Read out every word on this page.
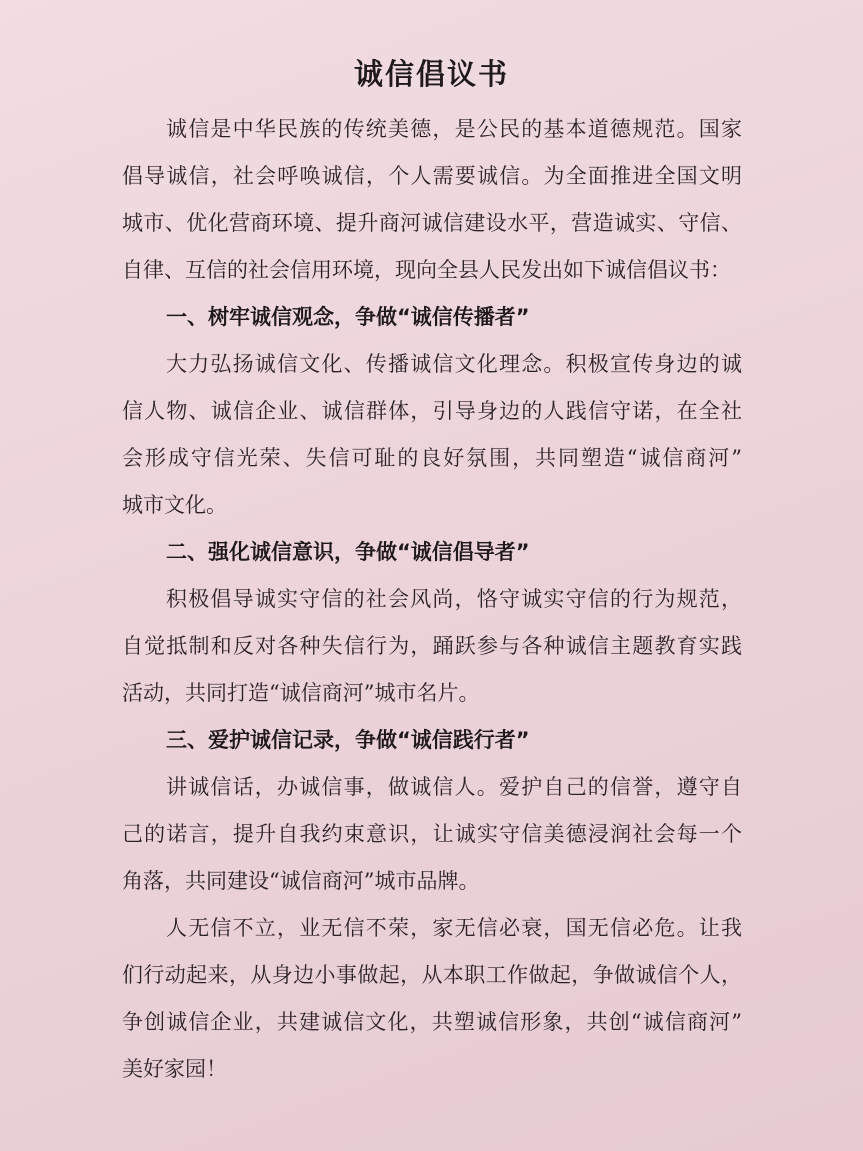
诚信倡议书
诚信是中华民族的传统美德，是公民的基本道德规范。国家
倡导诚信，社会呼唤诚信，个人需要诚信。为全面推进全国文明
城市、优化营商环境、提升商河诚信建设水平，营造诚实、守信、
自律、互信的社会信用环境，现向全县人民发出如下诚信倡议书：
一、树牢诚信观念，争做“诚信传播者”
大力弘扬诚信文化、传播诚信文化理念。积极宣传身边的诚
信人物、诚信企业、诚信群体，引导身边的人践信守诺，在全社
会形成守信光荣、失信可耻的良好氛围，共同塑造“诚信商河”
城市文化。
二、强化诚信意识，争做“诚信倡导者”
积极倡导诚实守信的社会风尚，恪守诚实守信的行为规范，
自觉抵制和反对各种失信行为，踊跃参与各种诚信主题教育实践
活动，共同打造“诚信商河”城市名片。
三、爱护诚信记录，争做“诚信践行者”
讲诚信话，办诚信事，做诚信人。爱护自己的信誉，遵守自
己的诺言，提升自我约束意识，让诚实守信美德浸润社会每一个
角落，共同建设“诚信商河”城市品牌。
人无信不立，业无信不荣，家无信必衰，国无信必危。让我
们行动起来，从身边小事做起，从本职工作做起，争做诚信个人，
争创诚信企业，共建诚信文化，共塑诚信形象，共创“诚信商河”
美好家园！
